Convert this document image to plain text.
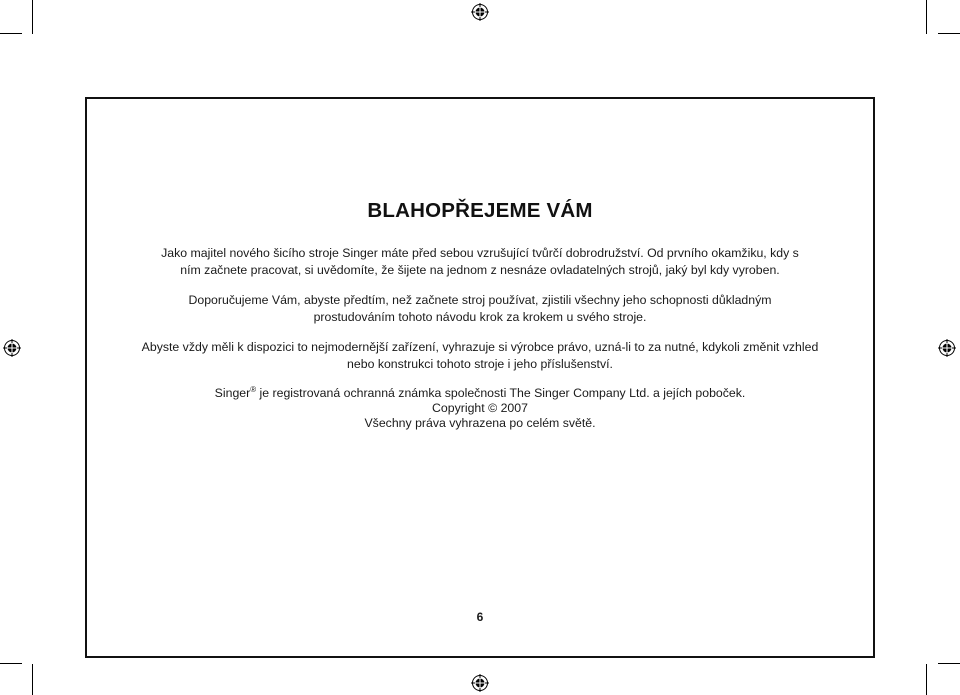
BLAHOPŘEJEME VÁM

Jako majitel nového šicího stroje Singer máte před sebou vzrušující tvůrčí dobrodružství. Od prvního okamžiku, kdy s ním začnete pracovat, si uvědomíte, že šijete na jednom z nesnáze ovladatelných strojů, jaký byl kdy vyroben.

Doporučujeme Vám, abyste předtím, než začnete stroj používat, zjistili všechny jeho schopnosti důkladným prostudováním tohoto návodu krok za krokem u svého stroje.

Abyste vždy měli k dispozici to nejmodernější zařízení, vyhrazuje si výrobce právo, uzná-li to za nutné, kdykoli změnit vzhled nebo konstrukci tohoto stroje i jeho příslušenství.

Singer® je registrovaná ochranná známka společnosti The Singer Company Ltd. a jejích poboček.

Copyright © 2007

Všechny práva vyhrazena po celém světě.

6
